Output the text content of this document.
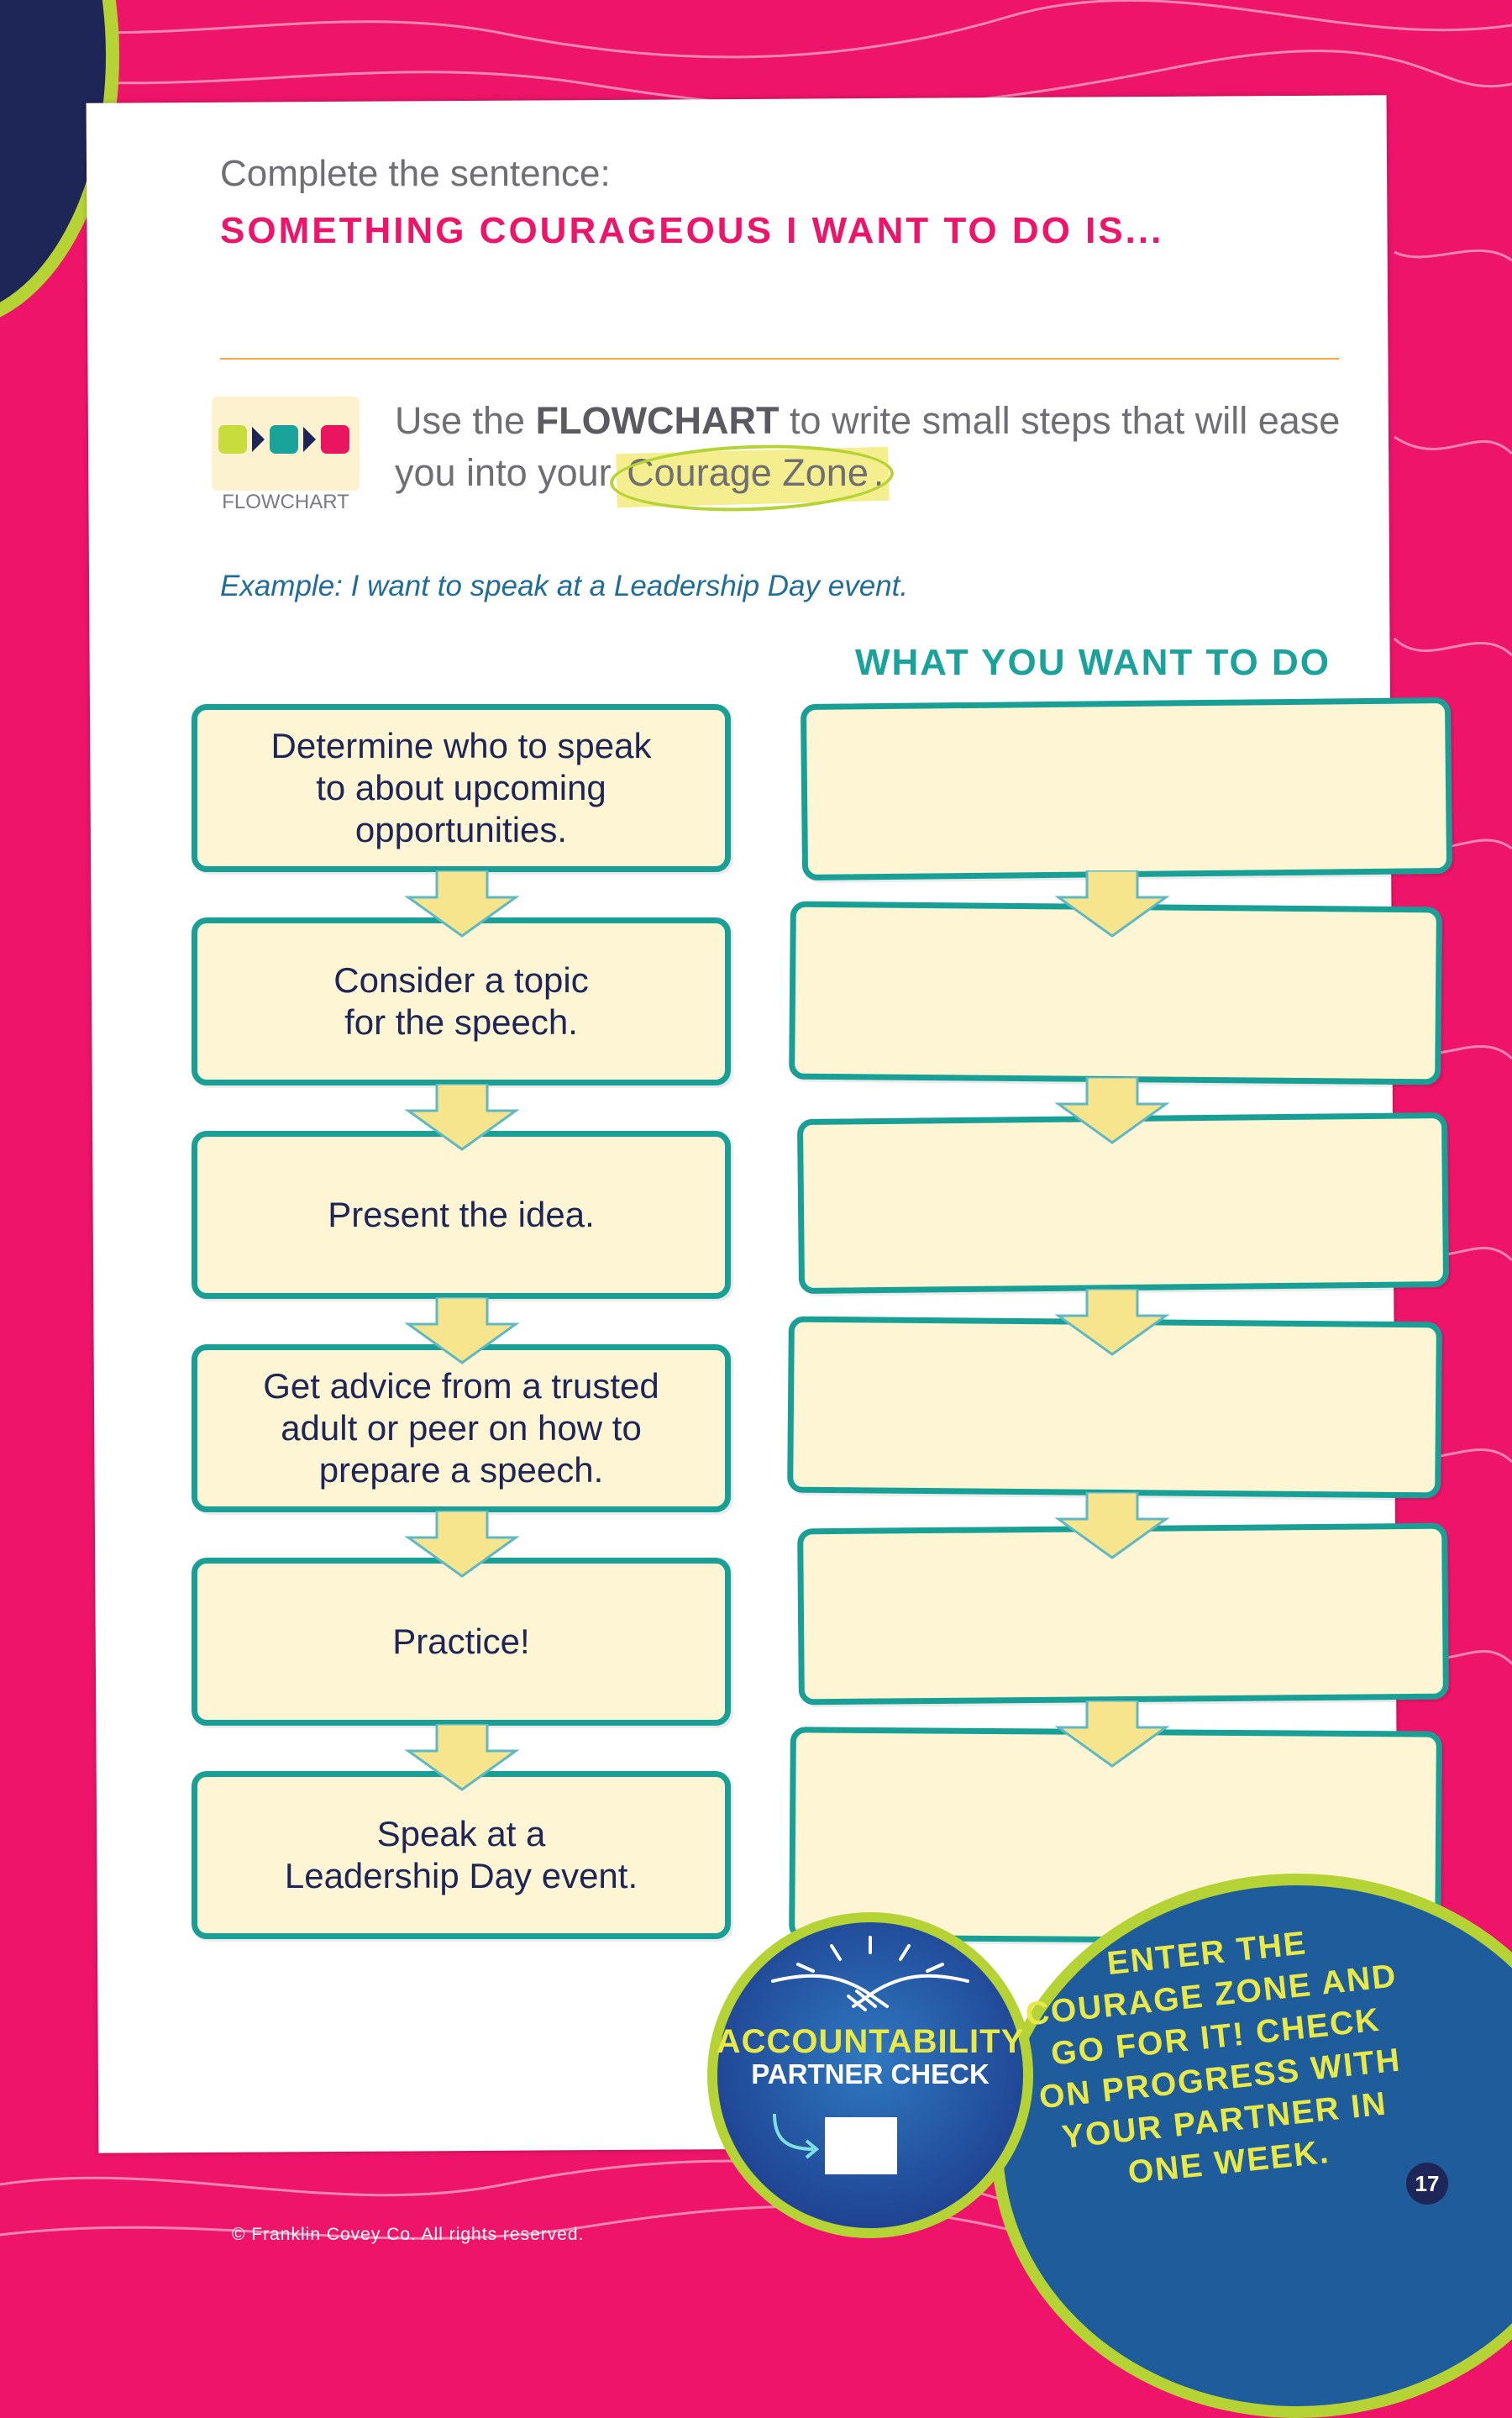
Complete the sentence:
SOMETHING COURAGEOUS I WANT TO DO IS...
FLOWCHART
Use the FLOWCHART to write small steps that will ease you into your Courage Zone .
Example: I want to speak at a Leadership Day event.
WHAT YOU WANT TO DO
Determine who to speak
to about upcoming
opportunities.
Consider a topic
for the speech.
Present the idea.
Get advice from a trusted
adult or peer on how to
prepare a speech.
Practice!
Speak at a
Leadership Day event.
ENTER THE
COURAGE ZONE AND
GO FOR IT! CHECK
ON PROGRESS WITH
YOUR PARTNER IN
ONE WEEK.
ACCOUNTABILITY
PARTNER CHECK
© Franklin Covey Co. All rights reserved.
17
